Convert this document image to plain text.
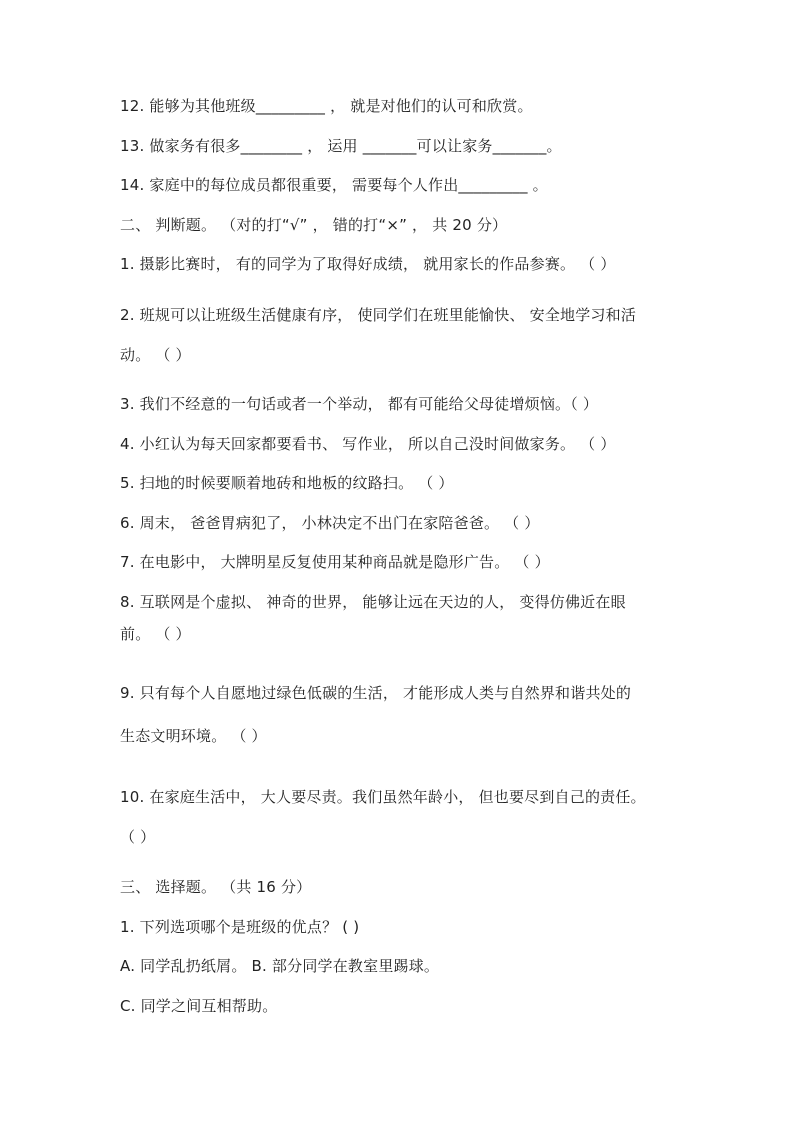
12. 能够为其他班级_________ ， 就是对他们的认可和欣赏。
13. 做家务有很多________ ， 运用 _______可以让家务_______。
14. 家庭中的每位成员都很重要， 需要每个人作出_________ 。
二、 判断题。 （对的打“√” ， 错的打“×” ， 共 20 分）
1. 摄影比赛时， 有的同学为了取得好成绩， 就用家长的作品参赛。 （ ）
2. 班规可以让班级生活健康有序， 使同学们在班里能愉快、 安全地学习和活
动。 （ ）
3. 我们不经意的一句话或者一个举动， 都有可能给父母徒增烦恼。（ ）
4. 小红认为每天回家都要看书、 写作业， 所以自己没时间做家务。 （ ）
5. 扫地的时候要顺着地砖和地板的纹路扫。 （ ）
6. 周末， 爸爸胃病犯了， 小林决定不出门在家陪爸爸。 （ ）
7. 在电影中， 大牌明星反复使用某种商品就是隐形广告。 （ ）
8. 互联网是个虚拟、 神奇的世界， 能够让远在天边的人， 变得仿佛近在眼
前。 （ ）
9. 只有每个人自愿地过绿色低碳的生活， 才能形成人类与自然界和谐共处的
生态文明环境。 （ ）
10. 在家庭生活中， 大人要尽责。我们虽然年龄小， 但也要尽到自己的责任。
（ ）
三、 选择题。 （共 16 分）
1. 下列选项哪个是班级的优点？ ( )
A. 同学乱扔纸屑。 B. 部分同学在教室里踢球。
C. 同学之间互相帮助。
